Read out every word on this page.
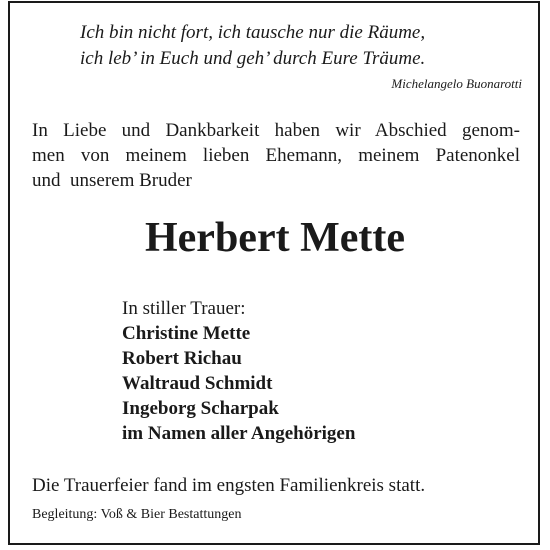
Ich bin nicht fort, ich tausche nur die Räume,
ich leb’ in Euch und geh’ durch Eure Träume.
Michelangelo Buonarotti
In Liebe und Dankbarkeit haben wir Abschied genom-
men von meinem lieben Ehemann, meinem Patenonkel
und  unserem Bruder
Herbert Mette
In stiller Trauer:
Christine Mette
Robert Richau
Waltraud Schmidt
Ingeborg Scharpak
im Namen aller Angehörigen
Die Trauerfeier fand im engsten Familienkreis statt.
Begleitung: Voß & Bier Bestattungen
